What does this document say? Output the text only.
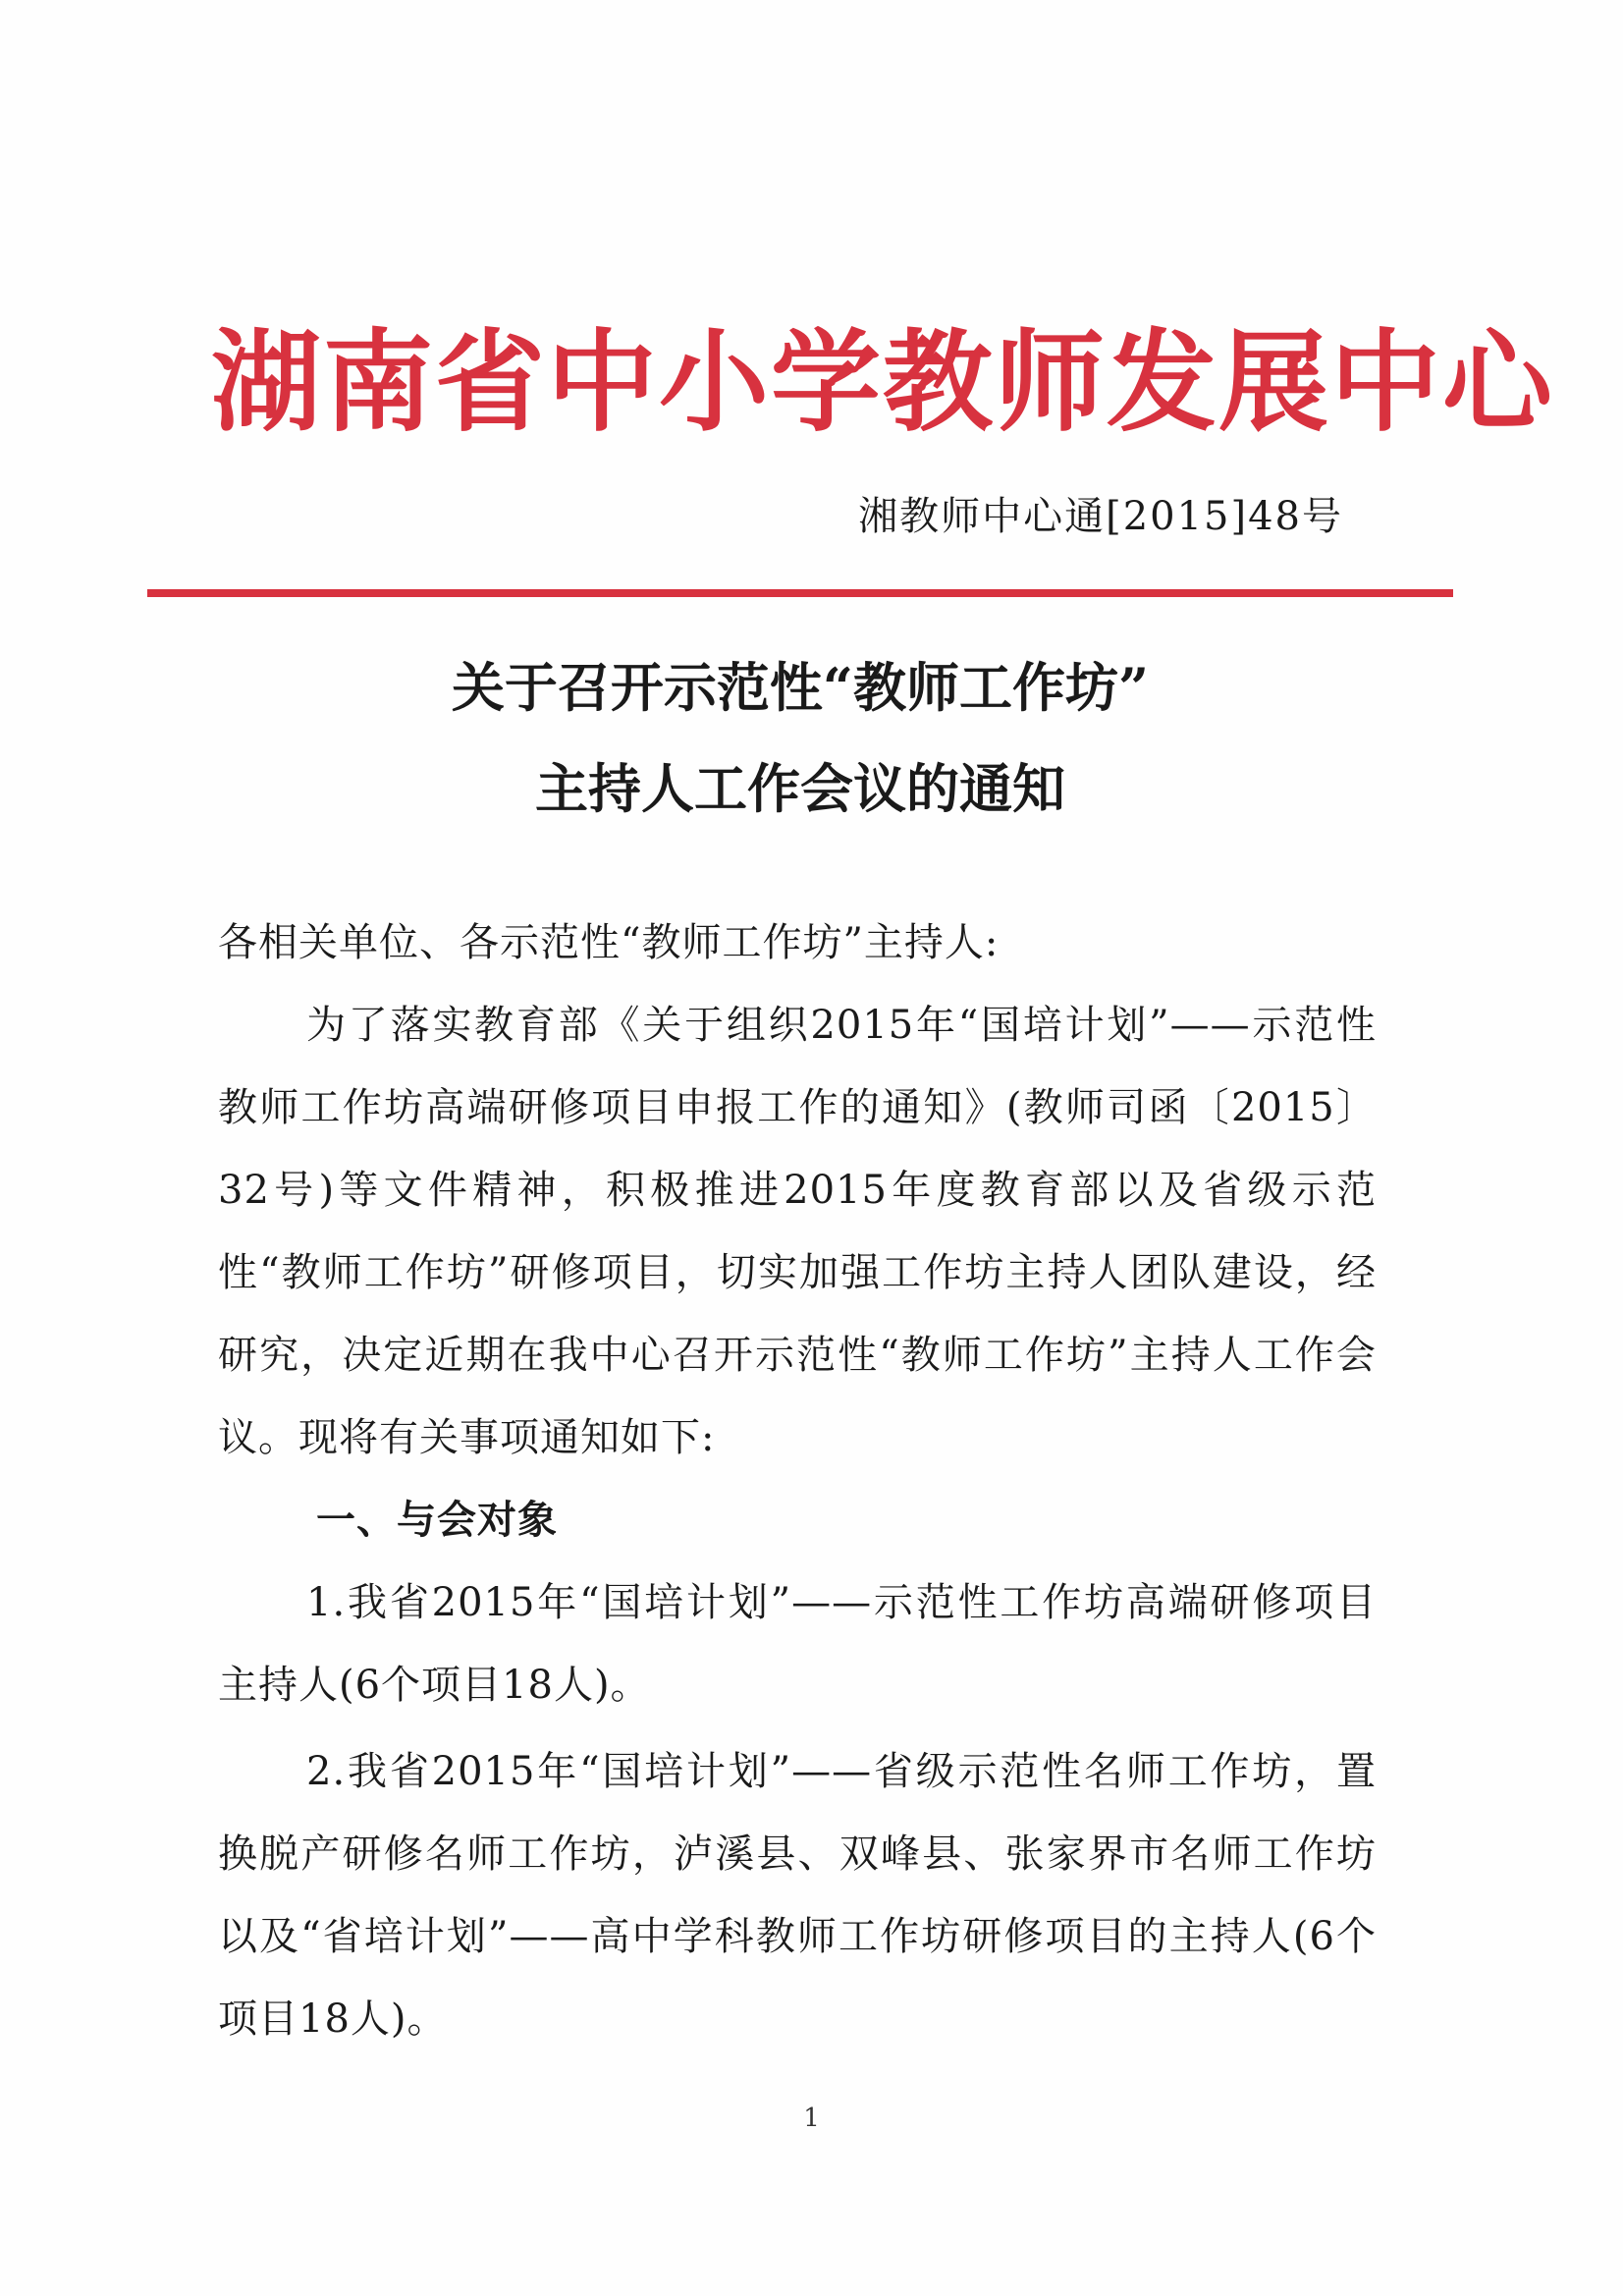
湖南省中小学教师发展中心
湘教师中心通[2015]48号
关于召开示范性“教师工作坊”
主持人工作会议的通知

各相关单位、各示范性“教师工作坊”主持人:

为了落实教育部《关于组织2015年“国培计划”——示范性教师工作坊高端研修项目申报工作的通知》(教师司函〔2015〕32号)等文件精神，积极推进2015年度教育部以及省级示范性“教师工作坊”研修项目，切实加强工作坊主持人团队建设，经研究，决定近期在我中心召开示范性“教师工作坊”主持人工作会议。现将有关事项通知如下:

一、与会对象

1.我省2015年“国培计划”——示范性工作坊高端研修项目主持人(6个项目18人)。

2.我省2015年“国培计划”——省级示范性名师工作坊，置换脱产研修名师工作坊，泸溪县、双峰县、张家界市名师工作坊以及“省培计划”——高中学科教师工作坊研修项目的主持人(6个项目18人)。

1
